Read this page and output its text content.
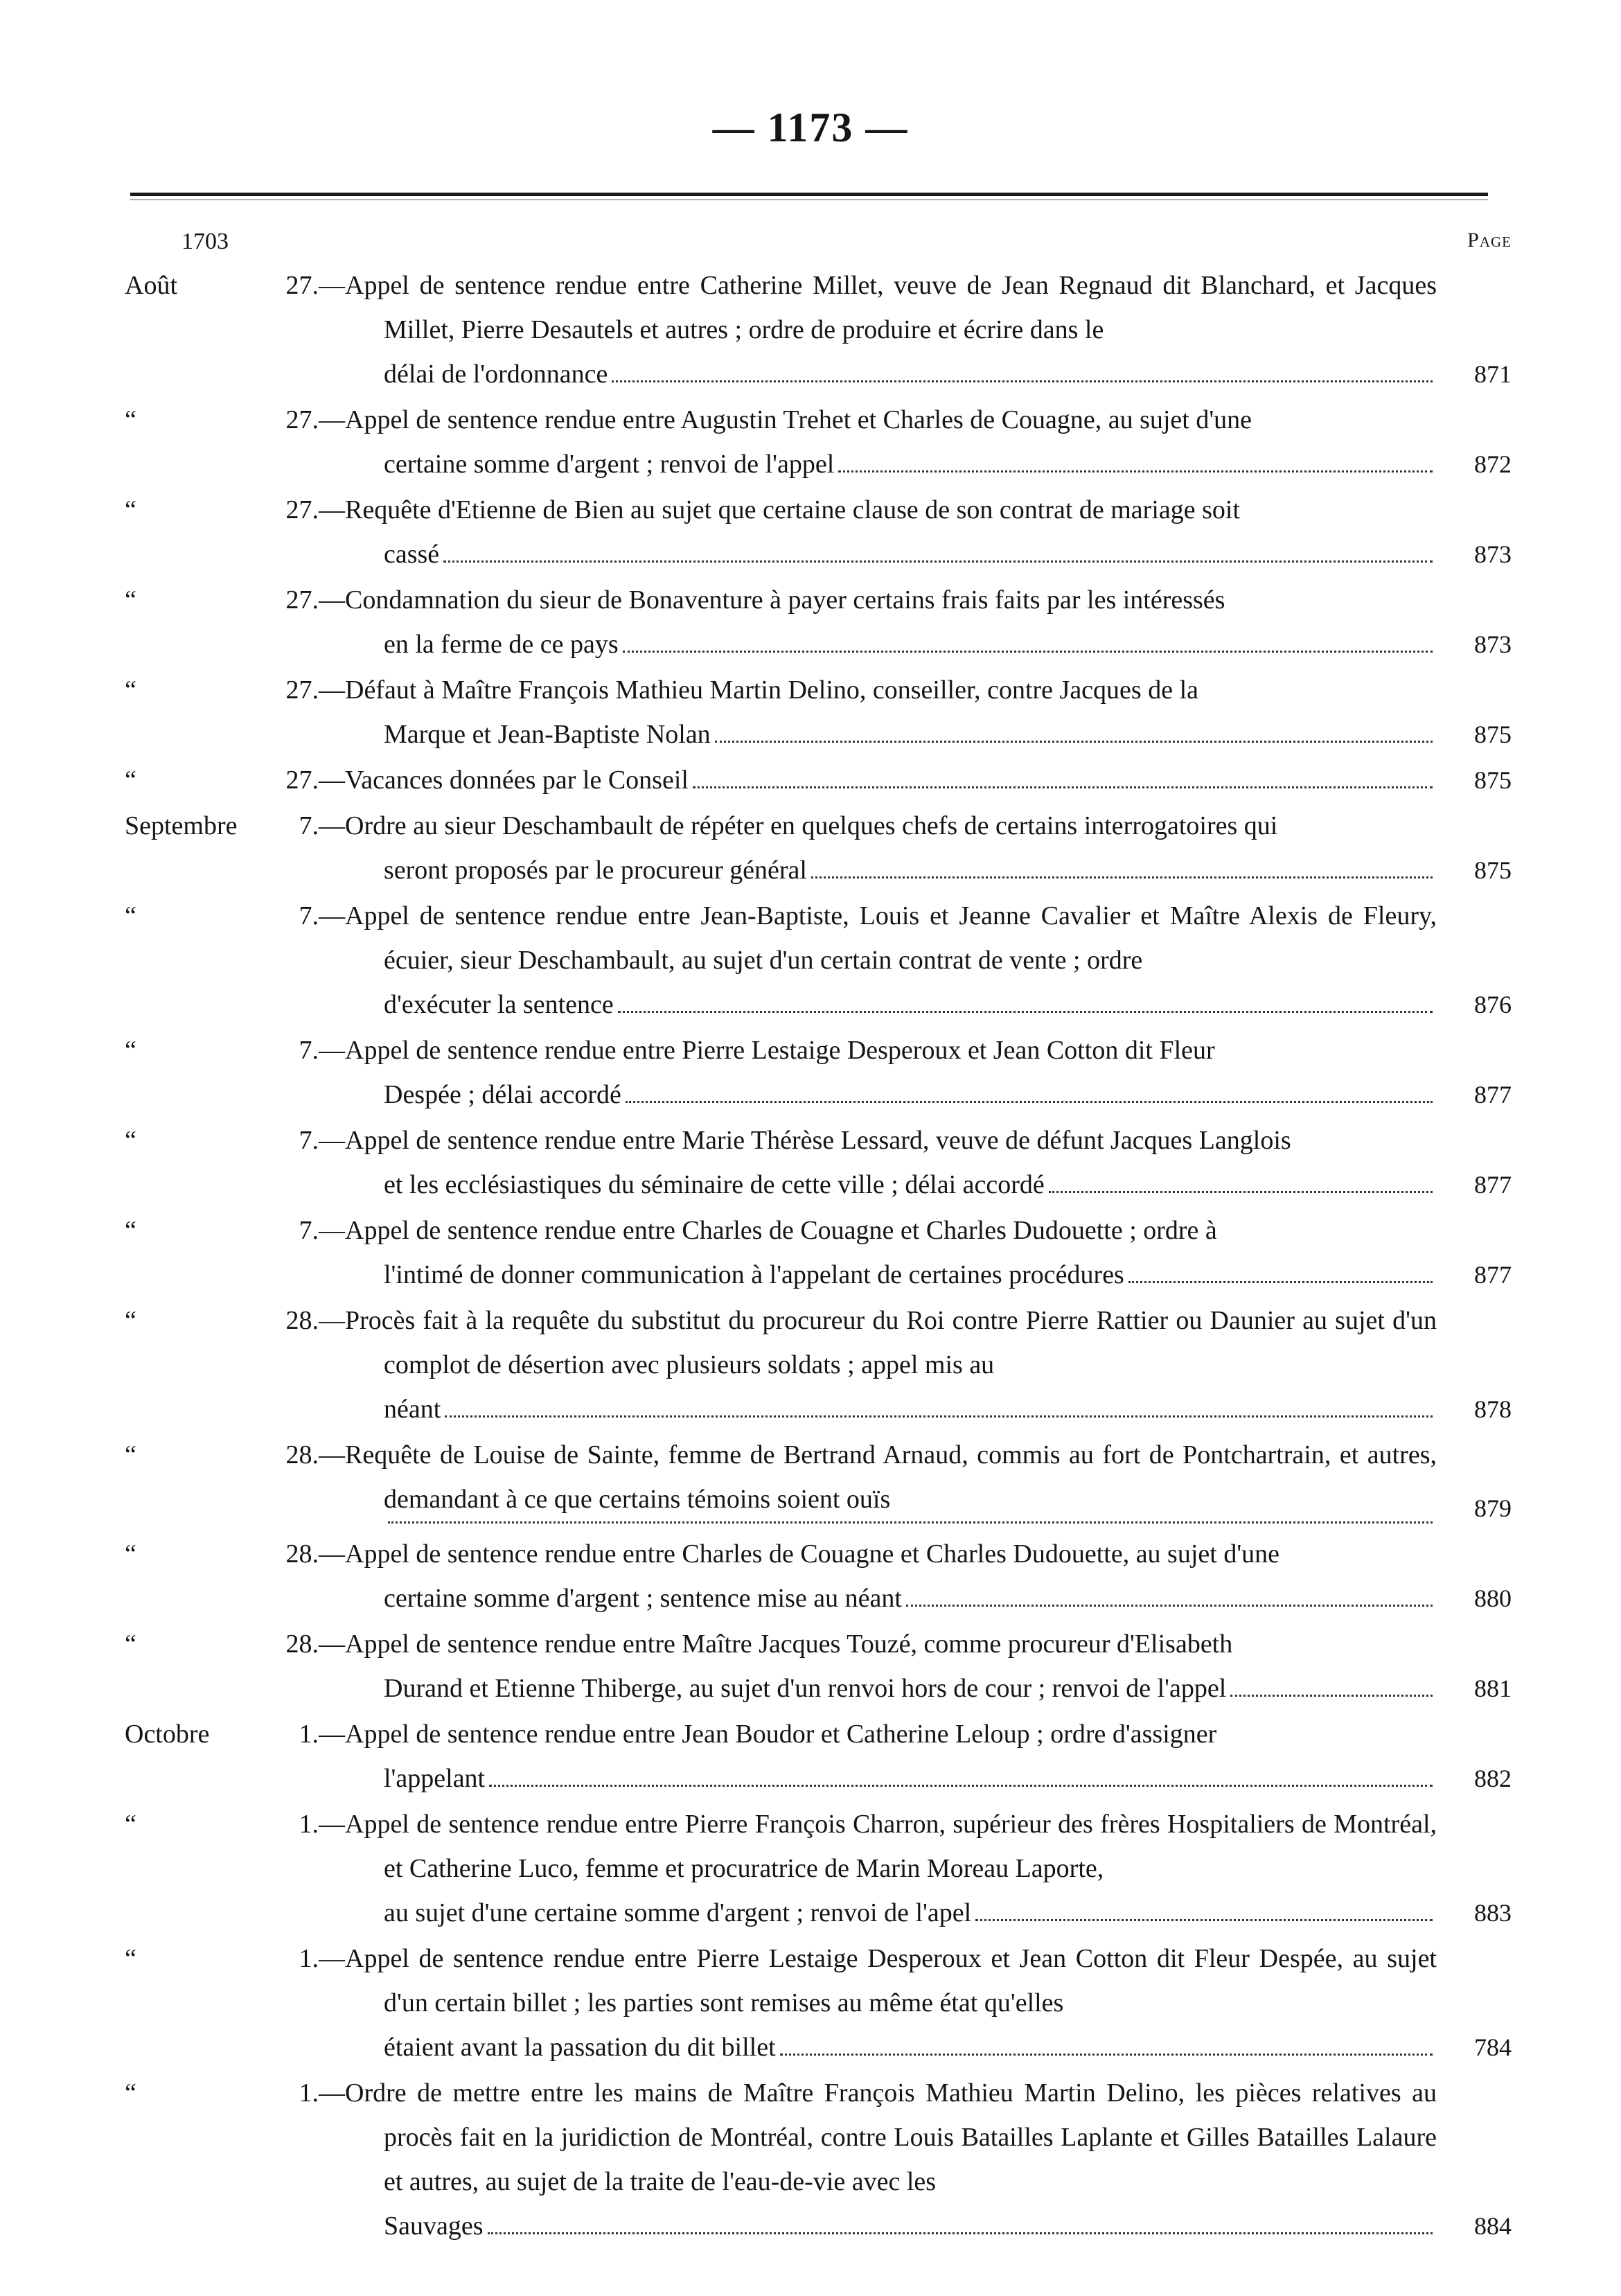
— 1173 —
1703	Page
Août	27. —Appel de sentence rendue entre Catherine Millet, veuve de Jean Regnaud dit Blanchard, et Jacques Millet, Pierre Desautels et autres ; ordre de produire et écrire dans le
délai de l'ordonnance	871
“	27. —Appel de sentence rendue entre Augustin Trehet et Charles de Couagne, au sujet d'une
certaine somme d'argent ; renvoi de l'appel	872
“	27. —Requête d'Etienne de Bien au sujet que certaine clause de son contrat de mariage soit
cassé	873
“	27. —Condamnation du sieur de Bonaventure à payer certains frais faits par les intéressés
en la ferme de ce pays	873
“	27. —Défaut à Maître François Mathieu Martin Delino, conseiller, contre Jacques de la
Marque et Jean-Baptiste Nolan	875
“	27. —Vacances données par le Conseil	875
Septembre	7. —Ordre au sieur Deschambault de répéter en quelques chefs de certains interrogatoires qui
seront proposés par le procureur général	875
“	7. —Appel de sentence rendue entre Jean-Baptiste, Louis et Jeanne Cavalier et Maître Alexis de Fleury, écuier, sieur Deschambault, au sujet d'un certain contrat de vente ; ordre
d'exécuter la sentence	876
“	7. —Appel de sentence rendue entre Pierre Lestaige Desperoux et Jean Cotton dit Fleur
Despée ; délai accordé	877
“	7. —Appel de sentence rendue entre Marie Thérèse Lessard, veuve de défunt Jacques Langlois
et les ecclésiastiques du séminaire de cette ville ; délai accordé	877
“	7. —Appel de sentence rendue entre Charles de Couagne et Charles Dudouette ; ordre à
l'intimé de donner communication à l'appelant de certaines procédures	877
“	28. —Procès fait à la requête du substitut du procureur du Roi contre Pierre Rattier ou Daunier au sujet d'un complot de désertion avec plusieurs soldats ; appel mis au
néant	878
“	28. —Requête de Louise de Sainte, femme de Bertrand Arnaud, commis au fort de Pontchartrain, et autres, demandant à ce que certains témoins soient ouïs	879
“	28. —Appel de sentence rendue entre Charles de Couagne et Charles Dudouette, au sujet d'une
certaine somme d'argent ; sentence mise au néant	880
“	28. —Appel de sentence rendue entre Maître Jacques Touzé, comme procureur d'Elisabeth
Durand et Etienne Thiberge, au sujet d'un renvoi hors de cour ; renvoi de l'appel	881
Octobre	1. —Appel de sentence rendue entre Jean Boudor et Catherine Leloup ; ordre d'assigner
l'appelant	882
“	1. —Appel de sentence rendue entre Pierre François Charron, supérieur des frères Hospitaliers de Montréal, et Catherine Luco, femme et procuratrice de Marin Moreau Laporte,
au sujet d'une certaine somme d'argent ; renvoi de l'apel	883
“	1. —Appel de sentence rendue entre Pierre Lestaige Desperoux et Jean Cotton dit Fleur Despée, au sujet d'un certain billet ; les parties sont remises au même état qu'elles
étaient avant la passation du dit billet	784
“	1. —Ordre de mettre entre les mains de Maître François Mathieu Martin Delino, les pièces relatives au procès fait en la juridiction de Montréal, contre Louis Batailles Laplante et Gilles Batailles Lalaure et autres, au sujet de la traite de l'eau-de-vie avec les
Sauvages	884
